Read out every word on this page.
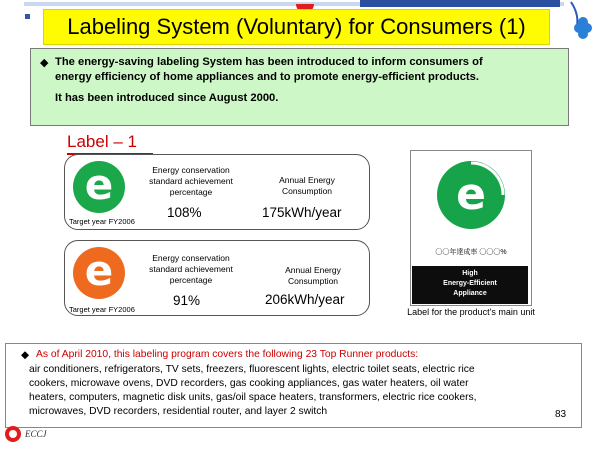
Labeling System (Voluntary) for Consumers (1)
◆ The energy-saving labeling System has been introduced to inform consumers of
energy efficiency of home appliances and to promote energy-efficient products.
It has been introduced since August 2000.
Label – 1
e	Energy conservation standard achievement percentage
108%
Annual Energy Consumption
175kWh/year
Target year FY2006
e	Energy conservation standard achievement percentage
91%
Annual Energy Consumption
206kWh/year
Target year FY2006
e
〇〇年達成率 〇〇〇%
High
Energy-Efficient
Appliance
Label for the product's main unit
◆ As of April 2010, this labeling program covers the following 23 Top Runner products:
air conditioners, refrigerators, TV sets, freezers, fluorescent lights, electric toilet seats, electric rice
cookers, microwave ovens, DVD recorders, gas cooking appliances, gas water heaters, oil water
heaters, computers, magnetic disk units, gas/oil space heaters, transformers, electric rice cookers,
microwaves, DVD recorders, residential router, and layer 2 switch	83
ECCJ
